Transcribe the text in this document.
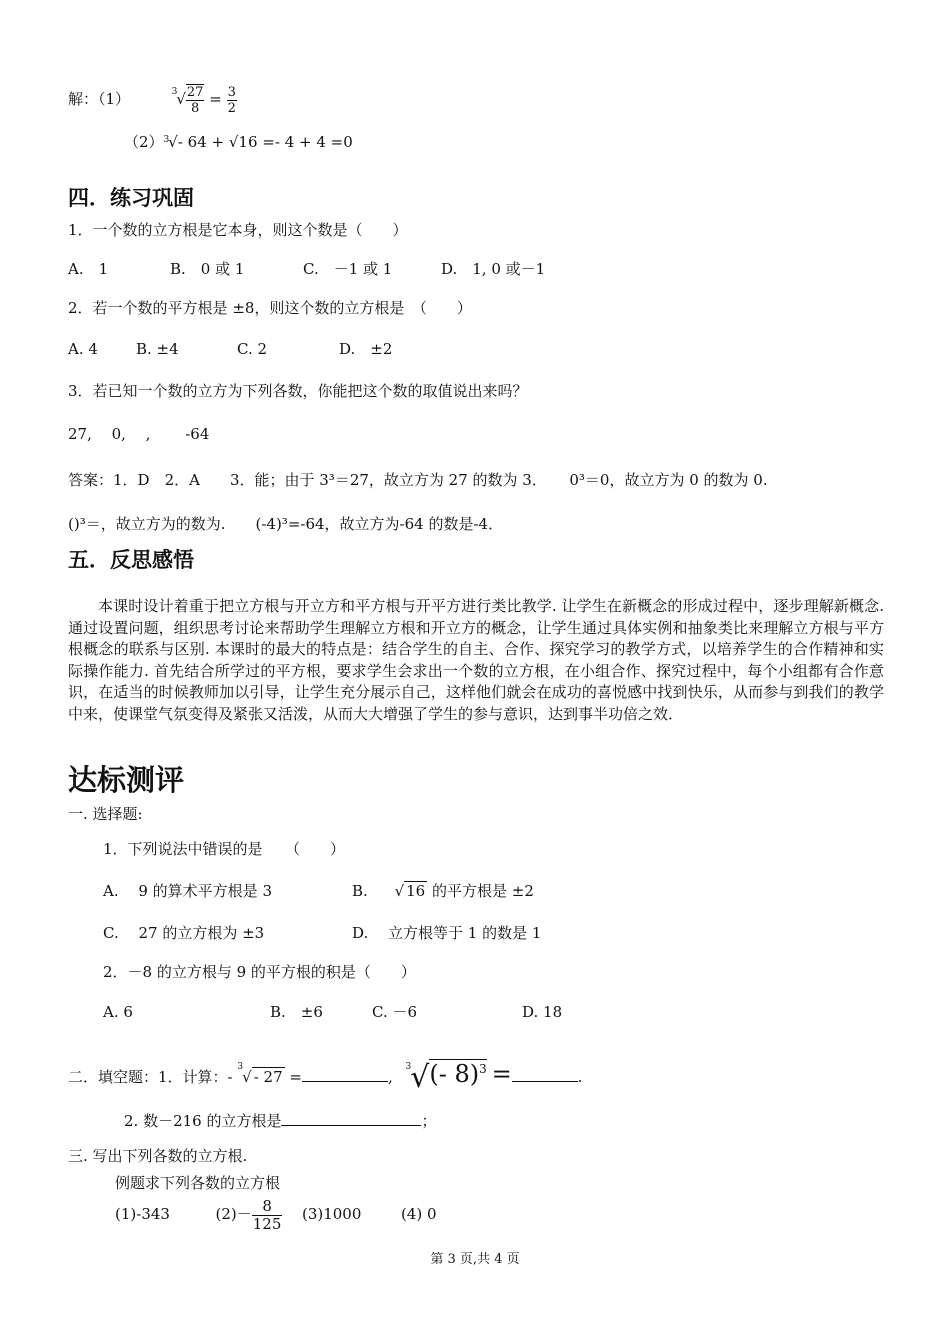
解：（1）	$^3√ \frac{27}{8} = \frac{3}{2}$
$(2)^3√-$ 64 + √16 =- 4 + 4 =0
四．练习巩固
1．一个数的立方根是它本身，则这个数是（　　）
A.　1	B.　0 或 1	C.　－1 或 1	D.　1, 0 或－1
2．若一个数的平方根是 ±8，则这个数的立方根是　（　　）
A. 4	B. ±4	C. 2	D.　±2
3．若已知一个数的立方为下列各数，你能把这个数的取值说出来吗？
27,　 0,　 ,　　 -64
答案：1．D　2．A　　3．能；由于 3³＝27，故立方为 27 的数为 3．　　0³＝0，故立方为 0 的数为 0.
()³＝，故立方为的数为.　　(-4)³=-64，故立方为-64 的数是-4．
五．反思感悟
本课时设计着重于把立方根与开立方和平方根与开平方进行类比教学. 让学生在新概念的形成过程中，逐步理解新概念. 通过设置问题，组织思考讨论来帮助学生理解立方根和开立方的概念，让学生通过具体实例和抽象类比来理解立方根与平方根概念的联系与区别. 本课时的最大的特点是：结合学生的自主、合作、探究学习的教学方式，以培养学生的合作精神和实际操作能力. 首先结合所学过的平方根，要求学生会求出一个数的立方根，在小组合作、探究过程中，每个小组都有合作意识，在适当的时候教师加以引导，让学生充分展示自己，这样他们就会在成功的喜悦感中找到快乐，从而参与到我们的教学中来，使课堂气氛变得及紧张又活泼，从而大大增强了学生的参与意识，达到事半功倍之效．
达标测评
一. 选择题:
1．下列说法中错误的是　　（　　）
A.　 9 的算术平方根是 3	B. √ 16 的平方根是 ±2
C.　 27 的立方根为 ±3	D.　 立方根等于 1 的数是 1
2．－8 的立方根与 9 的平方根的积是（　　）
A. 6	B.　±6	C. －6	D. 18
二．填空题：1．计算：- $^3$√ - 27 =	, $^3$√(- 8)$^3$ =	.
2. 数－216 的立方根是	；
三. 写出下列各数的立方根.
例题求下列各数的立方根
(1)-343	$(2)- \frac{8}{125} (3)1000$	(4) 0
第 3 页,共 4 页
